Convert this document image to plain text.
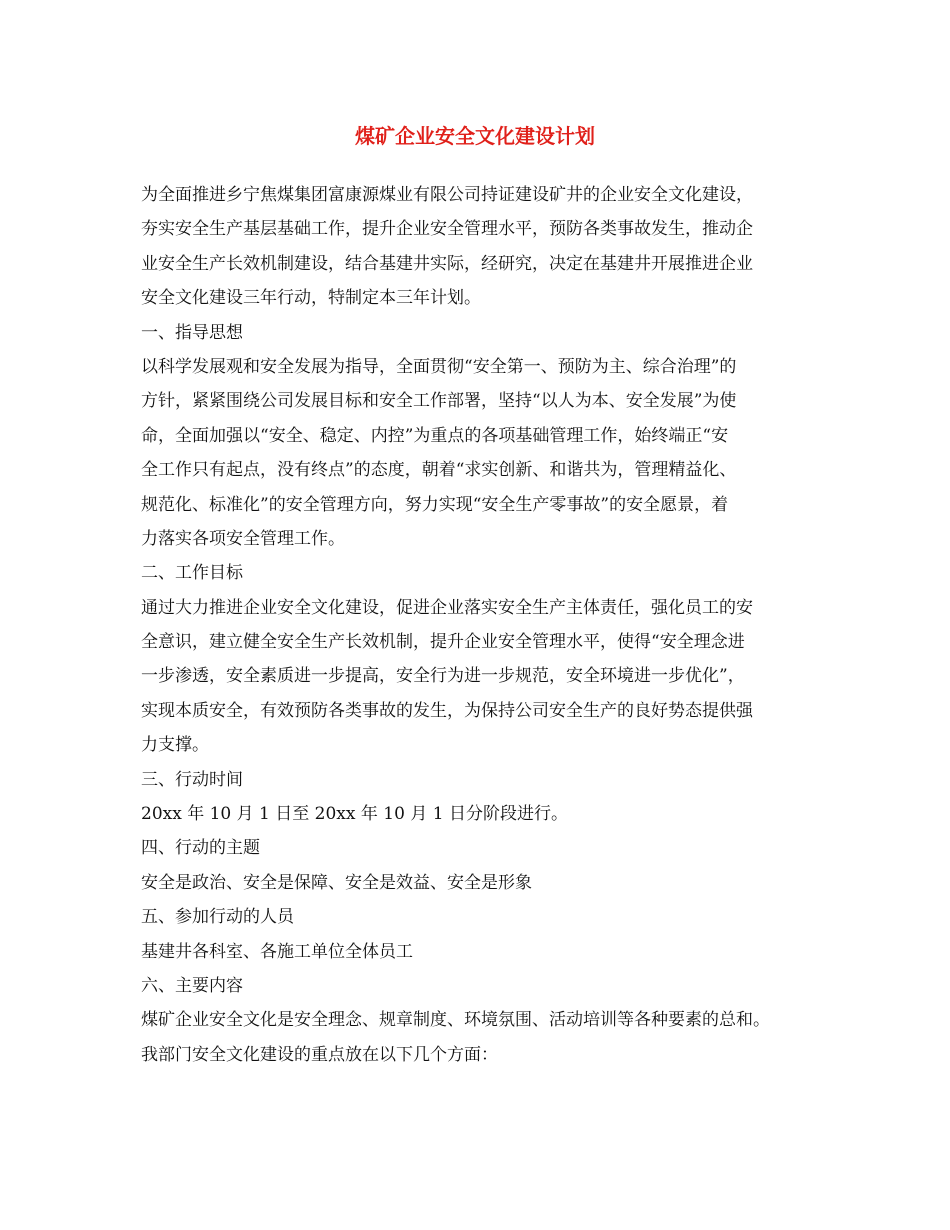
煤矿企业安全文化建设计划
为全面推进乡宁焦煤集团富康源煤业有限公司持证建设矿井的企业安全文化建设，
夯实安全生产基层基础工作，提升企业安全管理水平，预防各类事故发生，推动企
业安全生产长效机制建设，结合基建井实际，经研究，决定在基建井开展推进企业
安全文化建设三年行动，特制定本三年计划。
一、指导思想
以科学发展观和安全发展为指导，全面贯彻“安全第一、预防为主、综合治理”的
方针，紧紧围绕公司发展目标和安全工作部署，坚持“以人为本、安全发展”为使
命，全面加强以“安全、稳定、内控”为重点的各项基础管理工作，始终端正“安
全工作只有起点，没有终点”的态度，朝着“求实创新、和谐共为，管理精益化、
规范化、标准化”的安全管理方向，努力实现“安全生产零事故”的安全愿景，着
力落实各项安全管理工作。
二、工作目标
通过大力推进企业安全文化建设，促进企业落实安全生产主体责任，强化员工的安
全意识，建立健全安全生产长效机制，提升企业安全管理水平，使得“安全理念进
一步渗透，安全素质进一步提高，安全行为进一步规范，安全环境进一步优化”，
实现本质安全，有效预防各类事故的发生，为保持公司安全生产的良好势态提供强
力支撑。
三、行动时间
20xx 年 10 月 1 日至 20xx 年 10 月 1 日分阶段进行。
四、行动的主题
安全是政治、安全是保障、安全是效益、安全是形象
五、参加行动的人员
基建井各科室、各施工单位全体员工
六、主要内容
煤矿企业安全文化是安全理念、规章制度、环境氛围、活动培训等各种要素的总和。
我部门安全文化建设的重点放在以下几个方面：
